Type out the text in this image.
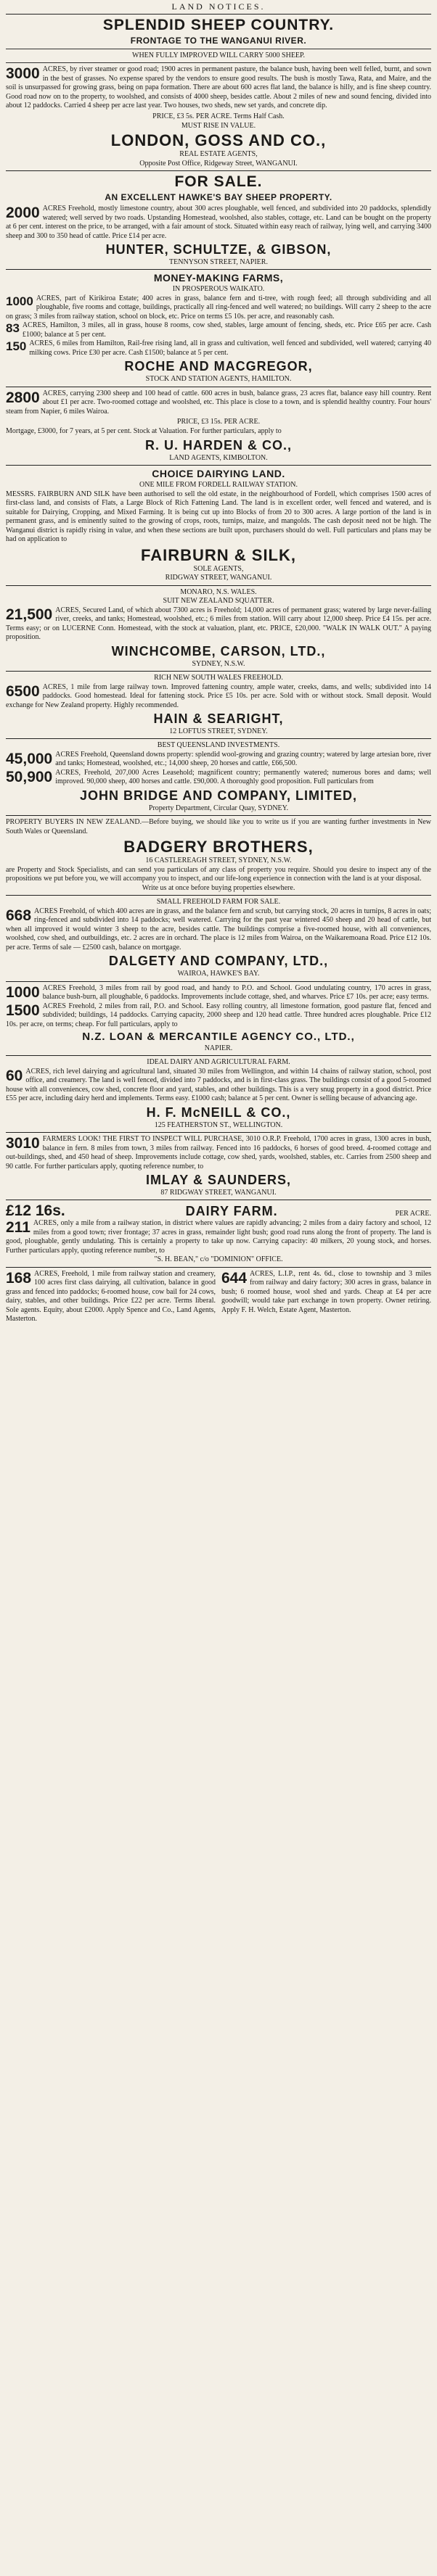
LAND NOTICES.
SPLENDID SHEEP COUNTRY.
FRONTAGE TO THE WANGANUI RIVER.
WHEN FULLY IMPROVED WILL CARRY 5000 SHEEP.
3000 ACRES, by river steamer or good road; 1900 acres in permanent pasture, the balance bush, having been well felled, burnt, and sown in the best of grasses. No expense spared by the vendors to ensure good results. The bush is mostly Tawa, Rata, and Maire, and the soil is unsurpassed for growing grass, being on papa formation. There are about 600 acres flat land, the balance is hilly, and is fine sheep country. Good road now on to the property, to woolshed, and consists of 4000 sheep, besides cattle. About 2 miles of new and sound fencing, divided into about 12 paddocks. Carried 4 sheep per acre last year. Two houses, two sheds, new set yards, and concrete dip.
PRICE, £3 5s. PER ACRE. Terms Half Cash.
MUST RISE IN VALUE.
LONDON, GOSS AND CO.,
REAL ESTATE AGENTS,
Opposite Post Office, Ridgeway Street, WANGANUI.
FOR SALE.
AN EXCELLENT HAWKE'S BAY SHEEP PROPERTY.
2000 ACRES Freehold, mostly limestone country, about 300 acres ploughable, well fenced, and subdivided into 20 paddocks, splendidly watered; well served by two roads. Upstanding Homestead, woolshed, also stables, cottage, etc. Land can be bought on the property at 6 per cent. interest on the price, to be arranged, with a fair amount of stock. Situated within easy reach of railway, lying well, and carrying 3400 sheep and 300 to 350 head of cattle. Price £14 per acre.
HUNTER, SCHULTZE, & GIBSON,
TENNYSON STREET, NAPIER.
MONEY-MAKING FARMS,
IN PROSPEROUS WAIKATO.
1000 ACRES, part of Kirikiroa Estate; 400 acres in grass, balance fern and ti-tree, with rough feed; all through subdividing and all ploughable, five rooms and cottage, buildings, practically all ring-fenced and well watered; no buildings. Will carry 2 sheep to the acre on grass; 3 miles from railway station, school on block, etc. Price on terms £5 10s. per acre, and reasonably cash.
83 ACRES, Hamilton, 3 miles, all in grass, house 8 rooms, cow shed, stables, large amount of fencing, sheds, etc. Price £65 per acre. Cash £1000; balance at 5 per cent.
150 ACRES, 6 miles from Hamilton, Rail-free rising land, all in grass and cultivation, well fenced and subdivided, well watered; carrying 40 milking cows. Price £30 per acre. Cash £1500; balance at 5 per cent.
ROCHE AND MACGREGOR,
STOCK AND STATION AGENTS, HAMILTON.
2800 ACRES, carrying 2300 sheep and 100 head of cattle. 600 acres in bush, balance grass, 23 acres flat, balance easy hill country. Rent about £1 per acre. Two-roomed cottage and woolshed, etc. This place is close to a town, and is splendid healthy country. Four hours' steam from Napier, 6 miles Wairoa.
PRICE, £3 15s. PER ACRE.
Mortgage, £3000, for 7 years, at 5 per cent. Stock at Valuation. For further particulars, apply to
R. U. HARDEN & CO.,
LAND AGENTS, KIMBOLTON.
CHOICE DAIRYING LAND.
ONE MILE FROM FORDELL RAILWAY STATION.
MESSRS. FAIRBURN AND SILK have been authorised to sell the old estate, in the neighbourhood of Fordell, which comprises 1500 acres of first-class land, and consists of Flats, a Large Block of Rich Fattening Land. The land is in excellent order, well fenced and watered, and is suitable for Dairying, Cropping, and Mixed Farming. It is being cut up into Blocks of from 20 to 300 acres. A large portion of the land is in permanent grass, and is eminently suited to the growing of crops, roots, turnips, maize, and mangolds. The cash deposit need not be high. The Wanganui district is rapidly rising in value, and when these sections are built upon, purchasers should do well. Full particulars and plans may be had on application to
FAIRBURN & SILK,
SOLE AGENTS,
RIDGWAY STREET, WANGANUI.
MONARO, N.S. WALES.
SUIT NEW ZEALAND SQUATTER.
21,500 ACRES, Secured Land, of which about 7300 acres is Freehold; 14,000 acres of permanent grass; watered by large never-failing river, creeks, and tanks; Homestead, woolshed, etc.; 6 miles from station. Will carry about 12,000 sheep. Price £4 15s. per acre. Terms easy; or on LUCERNE Conn. Homestead, with the stock at valuation, plant, etc. PRICE, £20,000. "WALK IN WALK OUT." A paying proposition.
WINCHCOMBE, CARSON, LTD.,
SYDNEY, N.S.W.
RICH NEW SOUTH WALES FREEHOLD.
6500 ACRES, 1 mile from large railway town. Improved fattening country, ample water, creeks, dams, and wells; subdivided into 14 paddocks. Good homestead. Ideal for fattening stock. Price £5 10s. per acre. Sold with or without stock. Small deposit. Would exchange for New Zealand property. Highly recommended.
HAIN & SEARIGHT,
12 LOFTUS STREET, SYDNEY.
BEST QUEENSLAND INVESTMENTS.
45,000 ACRES Freehold, Queensland downs property: splendid wool-growing and grazing country; watered by large artesian bore, river and tanks; Homestead, woolshed, etc.; 14,000 sheep, 20 horses and cattle, £66,500.
50,900 ACRES, Freehold, 207,000 Acres Leasehold; magnificent country; permanently watered; numerous bores and dams; well improved. 90,000 sheep, 400 horses and cattle. £90,000. A thoroughly good proposition. Full particulars from
JOHN BRIDGE AND COMPANY, LIMITED,
Property Department, Circular Quay, SYDNEY.
PROPERTY BUYERS IN NEW ZEALAND.—Before buying, we should like you to write us if you are wanting further investments in New South Wales or Queensland.
BADGERY BROTHERS,
16 CASTLEREAGH STREET, SYDNEY, N.S.W.
are Property and Stock Specialists, and can send you particulars of any class of property you require. Should you desire to inspect any of the propositions we put before you, we will accompany you to inspect, and our life-long experience in connection with the land is at your disposal.
Write us at once before buying properties elsewhere.
SMALL FREEHOLD FARM FOR SALE.
668 ACRES Freehold, of which 400 acres are in grass, and the balance fern and scrub, but carrying stock, 20 acres in turnips, 8 acres in oats; ring-fenced and subdivided into 14 paddocks; well watered. Carrying for the past year wintered 450 sheep and 20 head of cattle, but when all improved it would winter 3 sheep to the acre, besides cattle. The buildings comprise a five-roomed house, with all conveniences, woolshed, cow shed, and outbuildings, etc. 2 acres are in orchard. The place is 12 miles from Wairoa, on the Waikaremoana Road. Price £12 10s. per acre. Terms of sale — £2500 cash, balance on mortgage.
DALGETY AND COMPANY, LTD.,
WAIROA, HAWKE'S BAY.
1000 ACRES Freehold, 3 miles from rail by good road, and handy to P.O. and School. Good undulating country, 170 acres in grass, balance bush-burn, all ploughable, 6 paddocks. Improvements include cottage, shed, and wharves. Price £7 10s. per acre; easy terms.
1500 ACRES Freehold, 2 miles from rail, P.O. and School. Easy rolling country, all limestone formation, good pasture flat, fenced and subdivided; buildings, 14 paddocks. Carrying capacity, 2000 sheep and 120 head cattle. Three hundred acres ploughable. Price £12 10s. per acre, on terms; cheap. For full particulars, apply to
N.Z. LOAN & MERCANTILE AGENCY CO., LTD.,
NAPIER.
IDEAL DAIRY AND AGRICULTURAL FARM.
60 ACRES, rich level dairying and agricultural land, situated 30 miles from Wellington, and within 14 chains of railway station, school, post office, and creamery. The land is well fenced, divided into 7 paddocks, and is in first-class grass. The buildings consist of a good 5-roomed house with all conveniences, cow shed, concrete floor and yard, stables, and other buildings. This is a very snug property in a good district. Price £55 per acre, including dairy herd and implements. Terms easy. £1000 cash; balance at 5 per cent. Owner is selling because of advancing age.
H. F. McNEILL & CO.,
125 FEATHERSTON ST., WELLINGTON.
3010 FARMERS LOOK! THE FIRST TO INSPECT WILL PURCHASE, 3010 O.R.P. Freehold, 1700 acres in grass, 1300 acres in bush, balance in fern. 8 miles from town, 3 miles from railway. Fenced into 16 paddocks, 6 horses of good breed. 4-roomed cottage and out-buildings, shed, and 450 head of sheep. Improvements include cottage, cow shed, yards, woolshed, stables, etc. Carries from 2500 sheep and 90 cattle. For further particulars apply, quoting reference number, to
IMLAY & SAUNDERS,
87 RIDGWAY STREET, WANGANUI.
£12 16s.	DAIRY FARM.	PER ACRE.
211 ACRES, only a mile from a railway station, in district where values are rapidly advancing; 2 miles from a dairy factory and school, 12 miles from a good town; river frontage; 37 acres in grass, remainder light bush; good road runs along the front of property. The land is good, ploughable, gently undulating. This is certainly a property to take up now. Carrying capacity: 40 milkers, 20 young stock, and horses. Further particulars apply, quoting reference number, to
"S. H. BEAN," c/o "DOMINION" OFFICE.
168 ACRES, Freehold, 1 mile from railway station and creamery, 100 acres first class dairying, all cultivation, balance in good grass and fenced into paddocks; 6-roomed house, cow bail for 24 cows, dairy, stables, and other buildings. Price £22 per acre. Terms liberal. Sole agents. Equity, about £2000. Apply Spence and Co., Land Agents, Masterton.
644 ACRES, L.I.P., rent 4s. 6d., close to township and 3 miles from railway and dairy factory; 300 acres in grass, balance in bush; 6 roomed house, wool shed and yards. Cheap at £4 per acre goodwill; would take part exchange in town property. Owner retiring. Apply F. H. Welch, Estate Agent, Masterton.
